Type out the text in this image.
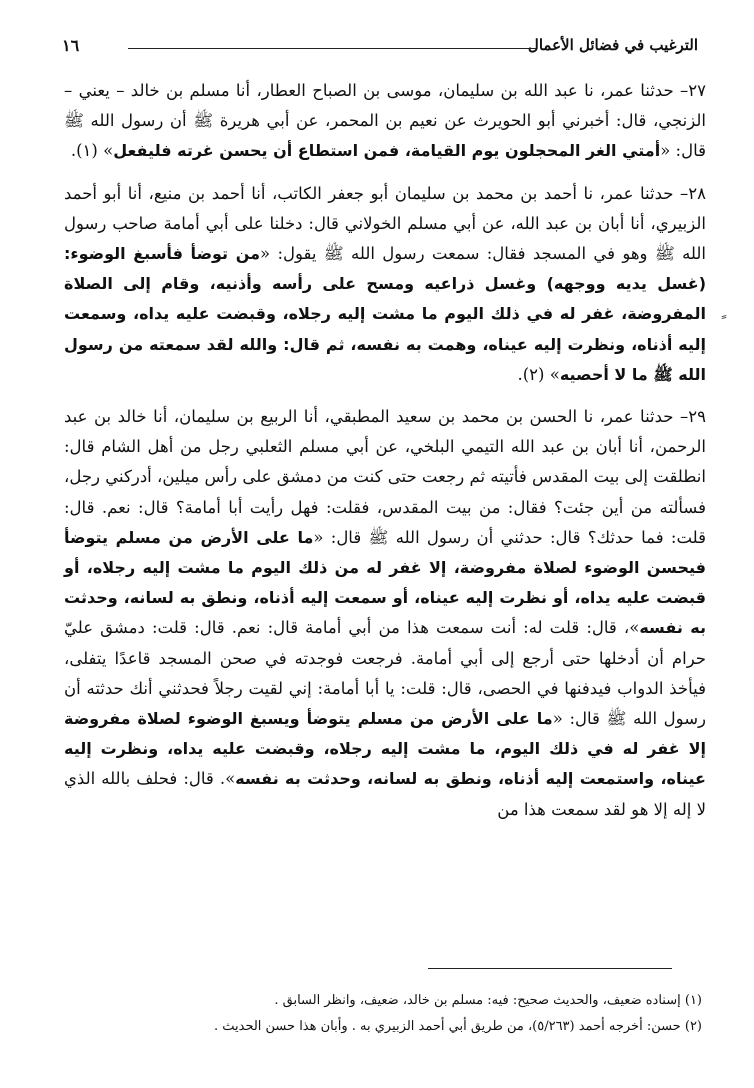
الترغيب في فضائل الأعمال
١٦

٢٧– حدثنا عمر، نا عبد الله بن سليمان، موسى بن الصباح العطار، أنا مسلم بن خالد – يعني – الزنجي، قال: أخبرني أبو الحويرث عن نعيم بن المحمر، عن أبي هريرة ﷺ أن رسول الله ﷺ قال: «أمتي الغر المحجلون يوم القيامة، فمن استطاع أن يحسن غرته فليفعل» (١).

٢٨– حدثنا عمر، نا أحمد بن محمد بن سليمان أبو جعفر الكاتب، أنا أحمد بن منيع، أنا أبو أحمد الزبيري، أنا أبان بن عبد الله، عن أبي مسلم الخولاني قال: دخلنا على أبي أمامة صاحب رسول الله ﷺ وهو في المسجد فقال: سمعت رسول الله ﷺ يقول: «من توضأ فأسبغ الوضوء: (غسل يديه ووجهه) وغسل ذراعيه ومسح على رأسه وأذنيه، وقام إلى الصلاة المفروضة، غفر له في ذلك اليوم ما مشت إليه رجلاه، وقبضت عليه يداه، وسمعت إليه أذناه، ونظرت إليه عيناه، وهمت به نفسه، ثم قال: والله لقد سمعته من رسول الله ﷺ ما لا أحصيه» (٢).

٢٩– حدثنا عمر، نا الحسن بن محمد بن سعيد المطبقي، أنا الربيع بن سليمان، أنا خالد بن عبد الرحمن، أنا أبان بن عبد الله التيمي البلخي، عن أبي مسلم الثعلبي رجل من أهل الشام قال: انطلقت إلى بيت المقدس فأتيته ثم رجعت حتى كنت من دمشق على رأس ميلين، أدركني رجل، فسألته من أين جئت؟ فقال: من بيت المقدس، فقلت: فهل رأيت أبا أمامة؟ قال: نعم. قال: قلت: فما حدثك؟ قال: حدثني أن رسول الله ﷺ قال: «ما على الأرض من مسلم يتوضأ فيحسن الوضوء لصلاة مفروضة، إلا غفر له من ذلك اليوم ما مشت إليه رجلاه، أو قبضت عليه يداه، أو نظرت إليه عيناه، أو سمعت إليه أذناه، ونطق به لسانه، وحدثت به نفسه»، قال: قلت له: أنت سمعت هذا من أبي أمامة قال: نعم. قال: قلت: دمشق عليّ حرام أن أدخلها حتى أرجع إلى أبي أمامة. فرجعت فوجدته في صحن المسجد قاعدًا يتفلى، فيأخذ الدواب فيدفنها في الحصى، قال: قلت: يا أبا أمامة: إني لقيت رجلاً فحدثني أنك حدثته أن رسول الله ﷺ قال: «ما على الأرض من مسلم يتوضأ ويسبغ الوضوء لصلاة مفروضة إلا غفر له في ذلك اليوم، ما مشت إليه رجلاه، وقبضت عليه يداه، ونظرت إليه عيناه، واستمعت إليه أذناه، ونطق به لسانه، وحدثت به نفسه». قال: فحلف بالله الذي لا إله إلا هو لقد سمعت هذا من

(١) إسناده ضعيف، والحديث صحيح: فيه: مسلم بن خالد، ضعيف، وانظر السابق .
(٢) حسن: أخرجه أحمد (٥/٢٦٣)، من طريق أبي أحمد الزبيري به . وأبان هذا حسن الحديث .
